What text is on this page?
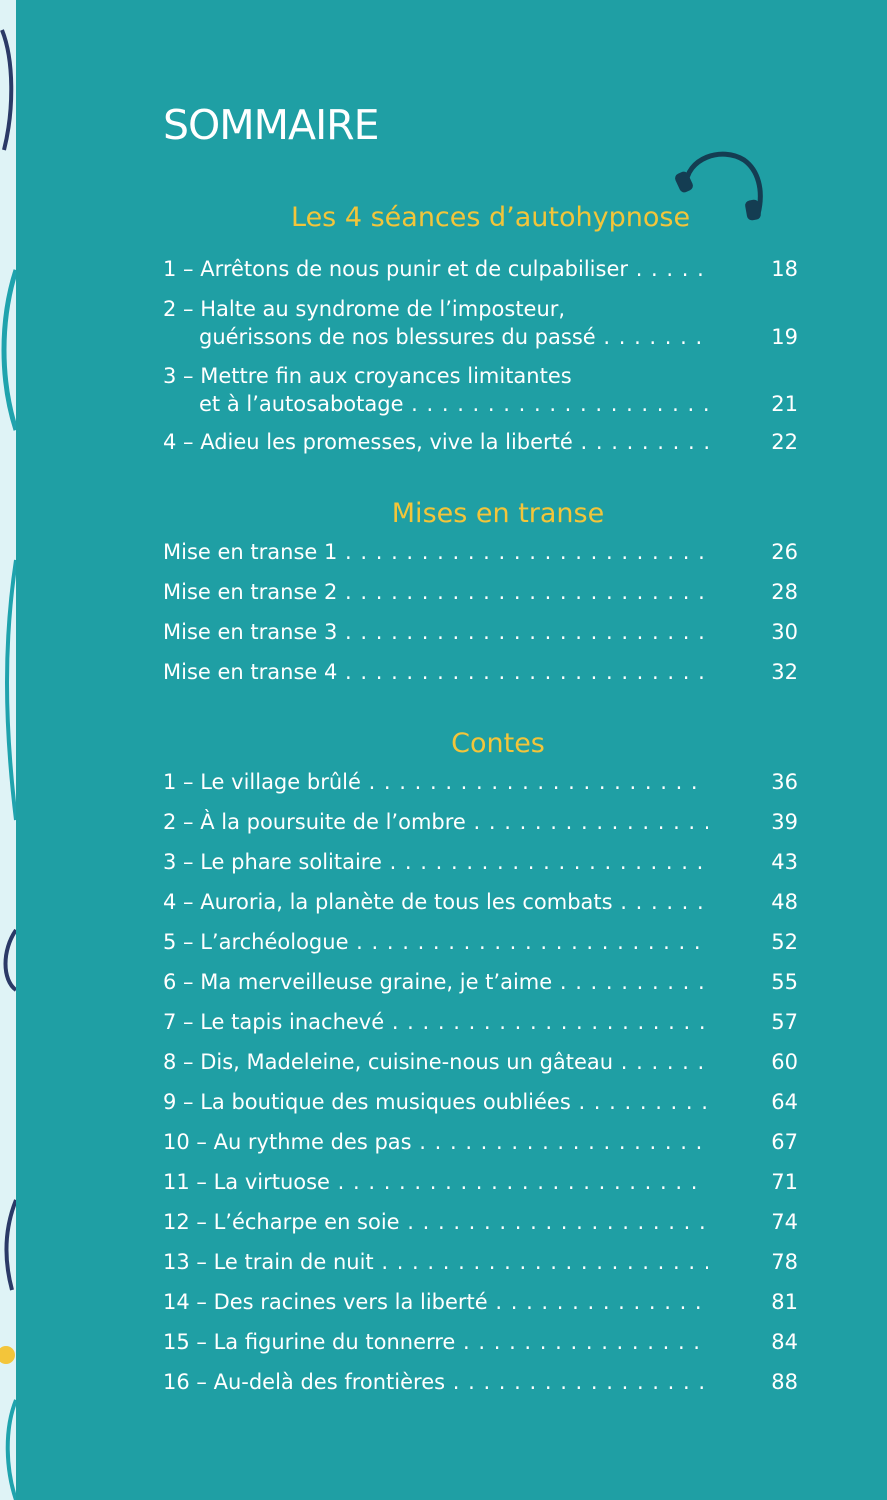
SOMMAIRE
Les 4 séances d’autohypnose
1 – Arrêtons de nous punir et de culpabiliser . . .	18
2 – Halte au syndrome de l’imposteur,
guérissons de nos blessures du passé . . .	19
3 – Mettre fin aux croyances limitantes
et à l’autosabotage . . .	21
4 – Adieu les promesses, vive la liberté . . .	22
Mises en transe
Mise en transe 1 . . .	26
Mise en transe 2 . . .	28
Mise en transe 3 . . .	30
Mise en transe 4 . . .	32
Contes
1 – Le village brûlé . . .	36
2 – À la poursuite de l’ombre . . .	39
3 – Le phare solitaire . . .	43
4 – Auroria, la planète de tous les combats . . .	48
5 – L’archéologue . . .	52
6 – Ma merveilleuse graine, je t’aime . . .	55
7 – Le tapis inachevé . . .	57
8 – Dis, Madeleine, cuisine-nous un gâteau . . .	60
9 – La boutique des musiques oubliées . . .	64
10 – Au rythme des pas . . .	67
11 – La virtuose . . .	71
12 – L’écharpe en soie . . .	74
13 – Le train de nuit . . .	78
14 – Des racines vers la liberté . . .	81
15 – La figurine du tonnerre . . .	84
16 – Au-delà des frontières . . .	88
